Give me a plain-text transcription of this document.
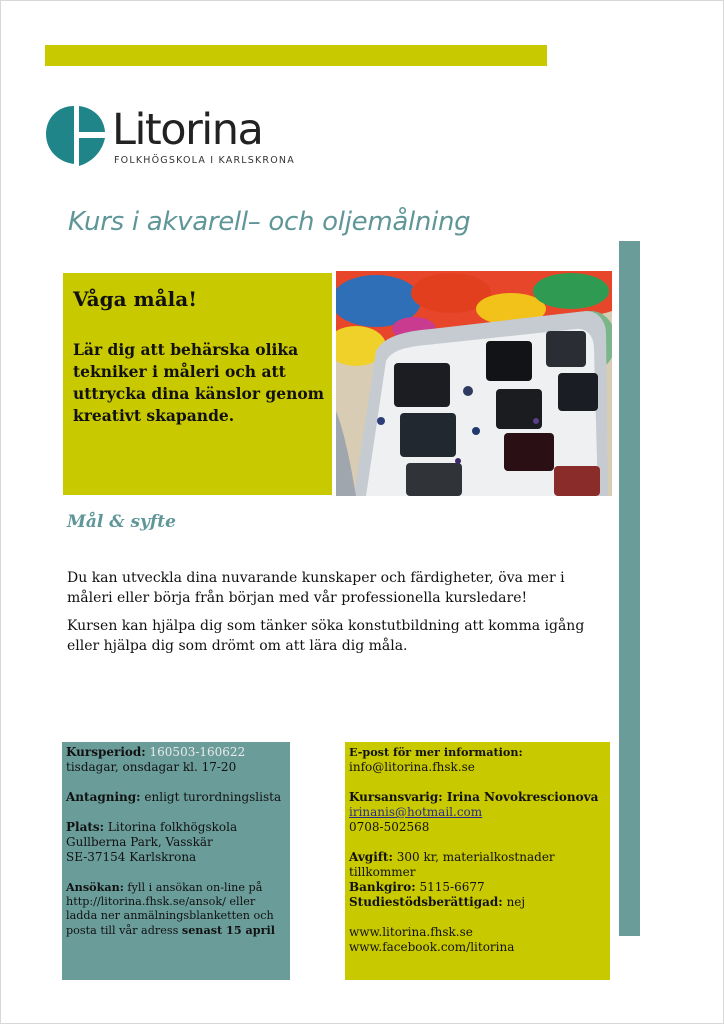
Litorina
FOLKHÖGSKOLA I KARLSKRONA
Kurs i akvarell– och oljemålning
Våga måla!

Lär dig att behärska olika tekniker i måleri och att uttrycka dina känslor genom kreativt skapande.

Mål & syfte

Du kan utveckla dina nuvarande kunskaper och färdigheter, öva mer i måleri eller börja från början med vår professionella kursledare!

Kursen kan hjälpa dig som tänker söka konstutbildning att komma igång eller hjälpa dig som drömt om att lära dig måla.

Kursperiod: 160503-160622
tisdagar, onsdagar kl. 17-20
Antagning: enligt turordningslista
Plats: Litorina folkhögskola
Gullberna Park, Vasskär
SE-37154 Karlskrona
Ansökan: fyll i ansökan on-line på http://litorina.fhsk.se/ansok/ eller ladda ner anmälningsblanketten och posta till vår adress senast 15 april
E-post för mer information:
info@litorina.fhsk.se
Kursansvarig: Irina Novokrescionova
irinanis@hotmail.com
0708-502568
Avgift: 300 kr, materialkostnader tillkommer
Bankgiro: 5115-6677
Studiestödsberättigad: nej
www.litorina.fhsk.se
www.facebook.com/litorina
